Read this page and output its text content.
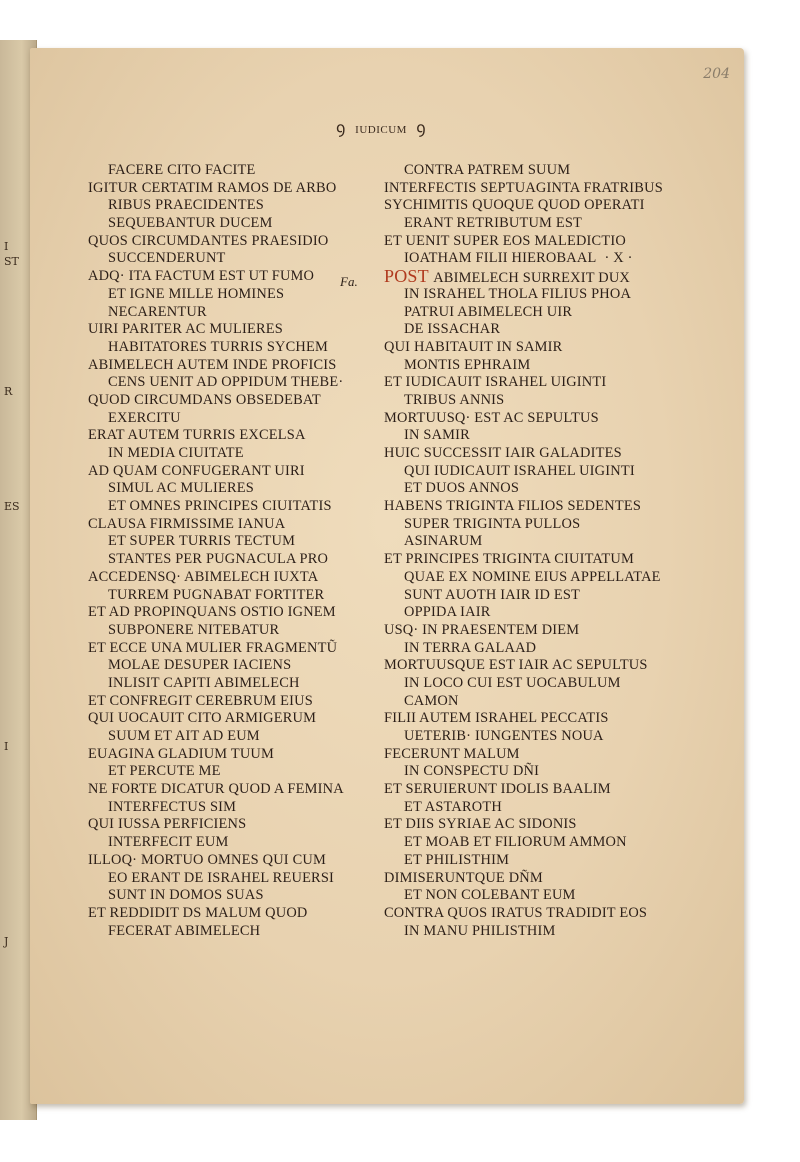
I
ST
R
ES
I
J
204
ꝯ IUDICUM ꝯ
Fa.
FACERE CITO FACITE
IGITUR CERTATIM RAMOS DE ARBO
RIBUS PRAECIDENTES
SEQUEBANTUR DUCEM
QUOS CIRCUMDANTES PRAESIDIO
SUCCENDERUNT
ADQ· ITA FACTUM EST UT FUMO
ET IGNE MILLE HOMINES
NECARENTUR
UIRI PARITER AC MULIERES
HABITATORES TURRIS SYCHEM
ABIMELECH AUTEM INDE PROFICIS
CENS UENIT AD OPPIDUM THEBE·
QUOD CIRCUMDANS OBSEDEBAT
EXERCITU
ERAT AUTEM TURRIS EXCELSA
IN MEDIA CIUITATE
AD QUAM CONFUGERANT UIRI
SIMUL AC MULIERES
ET OMNES PRINCIPES CIUITATIS
CLAUSA FIRMISSIME IANUA
ET SUPER TURRIS TECTUM
STANTES PER PUGNACULA PRO
ACCEDENSQ· ABIMELECH IUXTA
TURREM PUGNABAT FORTITER
ET AD PROPINQUANS OSTIO IGNEM
SUBPONERE NITEBATUR
ET ECCE UNA MULIER FRAGMENTŨ
MOLAE DESUPER IACIENS
INLISIT CAPITI ABIMELECH
ET CONFREGIT CEREBRUM EIUS
QUI UOCAUIT CITO ARMIGERUM
SUUM ET AIT AD EUM
EUAGINA GLADIUM TUUM
ET PERCUTE ME
NE FORTE DICATUR QUOD A FEMINA
INTERFECTUS SIM
QUI IUSSA PERFICIENS
INTERFECIT EUM
ILLOQ· MORTUO OMNES QUI CUM
EO ERANT DE ISRAHEL REUERSI
SUNT IN DOMOS SUAS
ET REDDIDIT DS MALUM QUOD
FECERAT ABIMELECH
CONTRA PATREM SUUM
INTERFECTIS SEPTUAGINTA FRATRIBUS
SYCHIMITIS QUOQUE QUOD OPERATI
ERANT RETRIBUTUM EST
ET UENIT SUPER EOS MALEDICTIO
IOATHAM FILII HIEROBAAL · X ·
POST ABIMELECH SURREXIT DUX
IN ISRAHEL THOLA FILIUS PHOA
PATRUI ABIMELECH UIR
DE ISSACHAR
QUI HABITAUIT IN SAMIR
MONTIS EPHRAIM
ET IUDICAUIT ISRAHEL UIGINTI
TRIBUS ANNIS
MORTUUSQ· EST AC SEPULTUS
IN SAMIR
HUIC SUCCESSIT IAIR GALADITES
QUI IUDICAUIT ISRAHEL UIGINTI
ET DUOS ANNOS
HABENS TRIGINTA FILIOS SEDENTES
SUPER TRIGINTA PULLOS
ASINARUM
ET PRINCIPES TRIGINTA CIUITATUM
QUAE EX NOMINE EIUS APPELLATAE
SUNT AUOTH IAIR ID EST
OPPIDA IAIR
USQ· IN PRAESENTEM DIEM
IN TERRA GALAAD
MORTUUSQUE EST IAIR AC SEPULTUS
IN LOCO CUI EST UOCABULUM
CAMON
FILII AUTEM ISRAHEL PECCATIS
UETERIB· IUNGENTES NOUA
FECERUNT MALUM
IN CONSPECTU DÑI
ET SERUIERUNT IDOLIS BAALIM
ET ASTAROTH
ET DIIS SYRIAE AC SIDONIS
ET MOAB ET FILIORUM AMMON
ET PHILISTHIM
DIMISERUNTQUE DÑM
ET NON COLEBANT EUM
CONTRA QUOS IRATUS TRADIDIT EOS
IN MANU PHILISTHIM
